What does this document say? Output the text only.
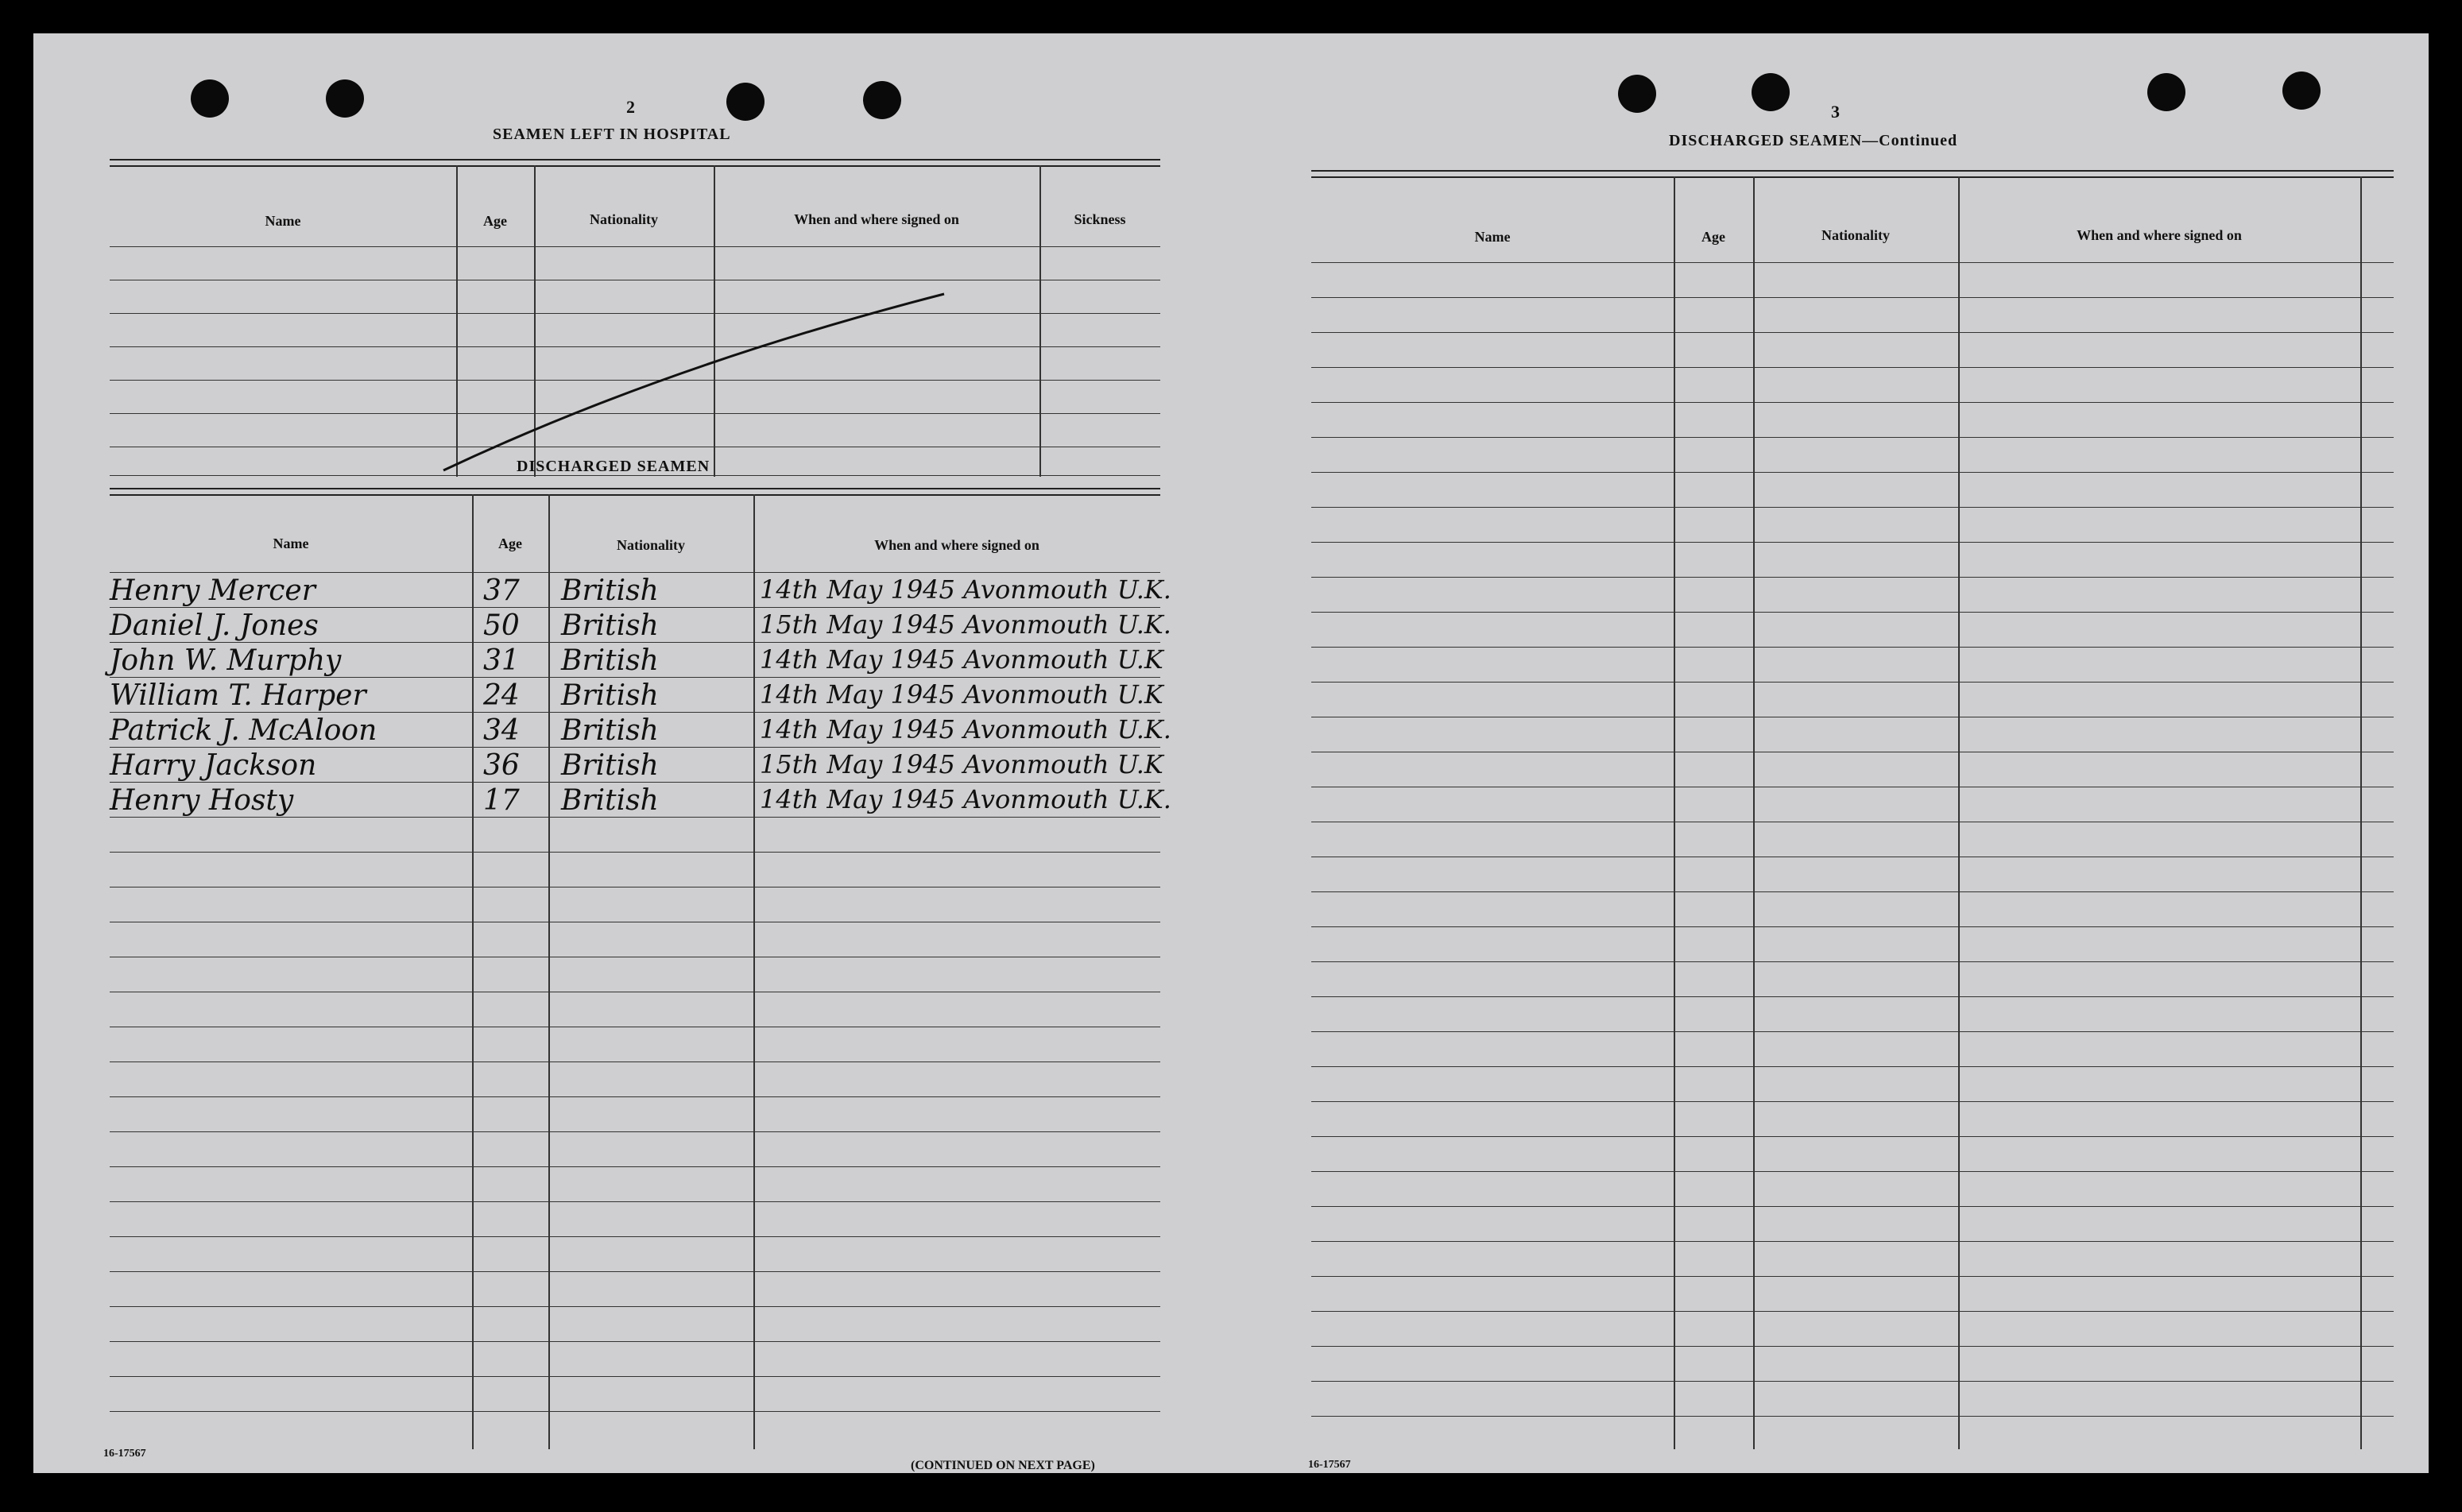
2
SEAMEN LEFT IN HOSPITAL
Name	Age	Nationality	When and where signed on	Sickness
DISCHARGED SEAMEN
Name	Age	Nationality	When and where signed on
Henry Mercer	37 British	14th May 1945 Avonmouth U.K.
Daniel J. Jones	50 British	15th May 1945 Avonmouth U.K.
John W. Murphy	31 British	14th May 1945 Avonmouth U.K
William T. Harper	24 British	14th May 1945 Avonmouth U.K
Patrick J. McAloon	34 British	14th May 1945 Avonmouth U.K.
Harry Jackson	36 British	15th May 1945 Avonmouth U.K
Henry Hosty	17 British	14th May 1945 Avonmouth U.K.
16-17567
(CONTINUED ON NEXT PAGE)
3
DISCHARGED SEAMEN—Continued
Name	Age	Nationality	When and where signed on
16-17567
